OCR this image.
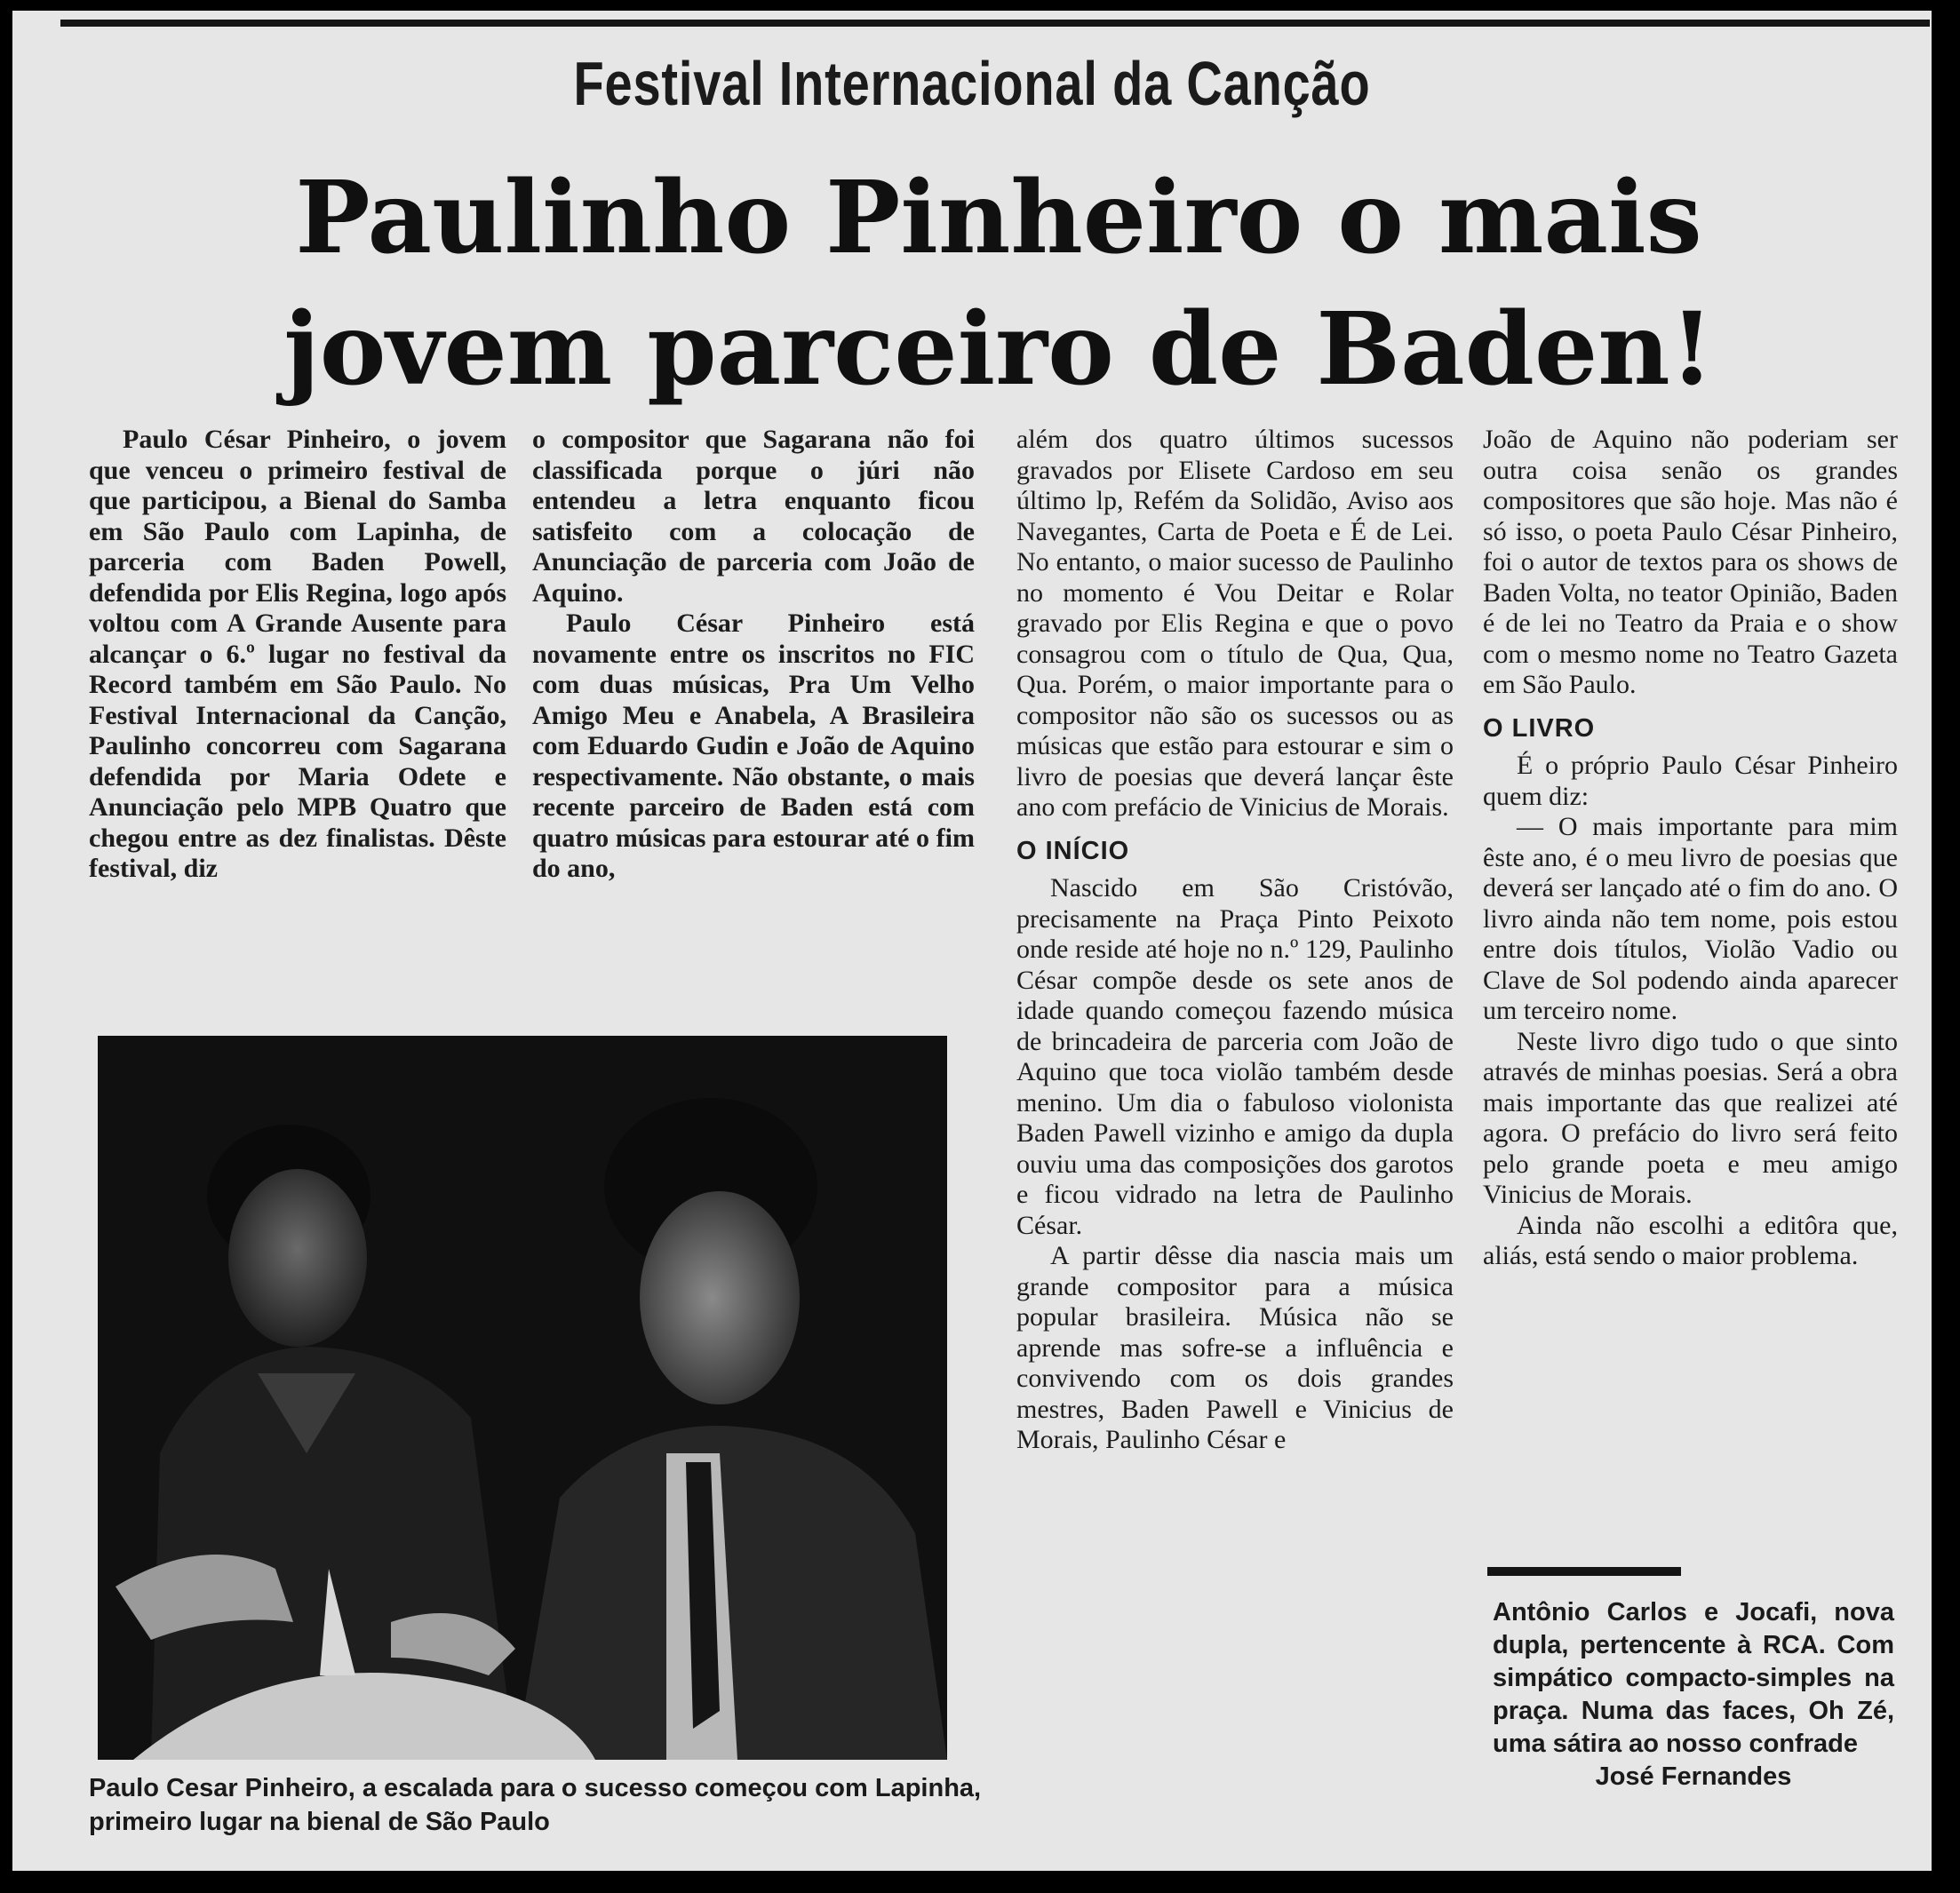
Festival Internacional da Canção
Paulinho Pinheiro o mais
jovem parceiro de Baden!

Paulo César Pinheiro, o jovem que venceu o primeiro festival de que participou, a Bienal do Samba em São Paulo com Lapinha, de parceria com Baden Powell, defendida por Elis Regina, logo após voltou com A Grande Ausente para alcançar o 6.º lugar no festival da Record também em São Paulo. No Festival Internacional da Canção, Paulinho concorreu com Sagarana defendida por Maria Odete e Anunciação pelo MPB Quatro que chegou entre as dez finalistas. Dêste festival, diz

o compositor que Sagarana não foi classificada porque o júri não entendeu a letra enquanto ficou satisfeito com a colocação de Anunciação de parceria com João de Aquino.

Paulo César Pinheiro está novamente entre os inscritos no FIC com duas músicas, Pra Um Velho Amigo Meu e Anabela, A Brasileira com Eduardo Gudin e João de Aquino respectivamente. Não obstante, o mais recente parceiro de Baden está com quatro músicas para estourar até o fim do ano,

além dos quatro últimos sucessos gravados por Elisete Cardoso em seu último lp, Refém da Solidão, Aviso aos Navegantes, Carta de Poeta e É de Lei. No entanto, o maior sucesso de Paulinho no momento é Vou Deitar e Rolar gravado por Elis Regina e que o povo consagrou com o título de Qua, Qua, Qua. Porém, o maior importante para o compositor não são os sucessos ou as músicas que estão para estourar e sim o livro de poesias que deverá lançar êste ano com prefácio de Vinicius de Morais.

O INÍCIO

Nascido em São Cristóvão, precisamente na Praça Pinto Peixoto onde reside até hoje no n.º 129, Paulinho César compõe desde os sete anos de idade quando começou fazendo música de brincadeira de parceria com João de Aquino que toca violão também desde menino. Um dia o fabuloso violonista Baden Pawell vizinho e amigo da dupla ouviu uma das composições dos garotos e ficou vidrado na letra de Paulinho César.

A partir dêsse dia nascia mais um grande compositor para a música popular brasileira. Música não se aprende mas sofre-se a influência e convivendo com os dois grandes mestres, Baden Pawell e Vinicius de Morais, Paulinho César e

João de Aquino não poderiam ser outra coisa senão os grandes compositores que são hoje. Mas não é só isso, o poeta Paulo César Pinheiro, foi o autor de textos para os shows de Baden Volta, no teator Opinião, Baden é de lei no Teatro da Praia e o show com o mesmo nome no Teatro Gazeta em São Paulo.

O LIVRO

É o próprio Paulo César Pinheiro quem diz:

— O mais importante para mim êste ano, é o meu livro de poesias que deverá ser lançado até o fim do ano. O livro ainda não tem nome, pois estou entre dois títulos, Violão Vadio ou Clave de Sol podendo ainda aparecer um terceiro nome.

Neste livro digo tudo o que sinto através de minhas poesias. Será a obra mais importante das que realizei até agora. O prefácio do livro será feito pelo grande poeta e meu amigo Vinicius de Morais.

Ainda não escolhi a editôra que, aliás, está sendo o maior problema.

Paulo Cesar Pinheiro, a escalada para o sucesso começou com Lapinha, primeiro lugar na bienal de São Paulo
Antônio Carlos e Jocafi, nova dupla, pertencente à RCA. Com simpático compacto-simples na praça. Numa das faces, Oh Zé, uma sátira ao nosso confrade
José Fernandes
